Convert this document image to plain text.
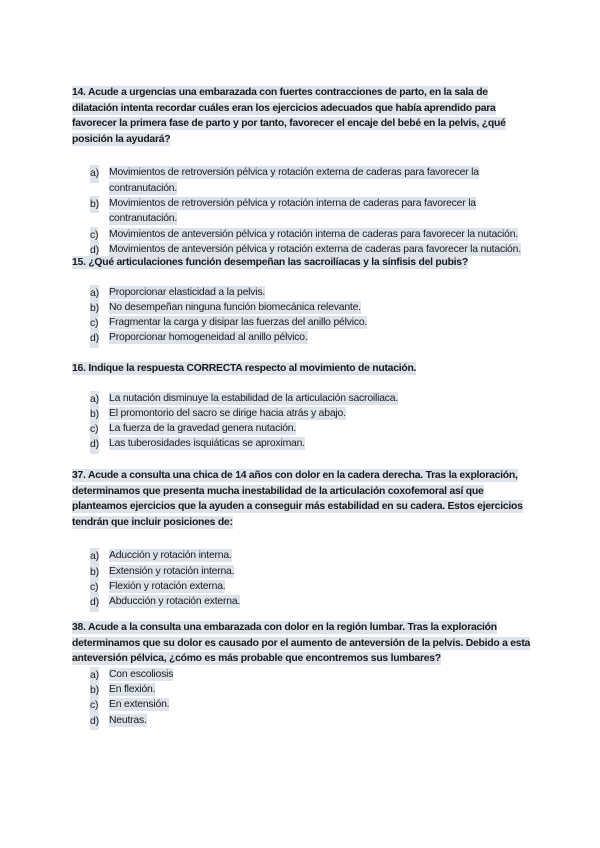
14. Acude a urgencias una embarazada con fuertes contracciones de parto, en la sala de dilatación intenta recordar cuáles eran los ejercicios adecuados que había aprendido para favorecer la primera fase de parto y por tanto, favorecer el encaje del bebé en la pelvis, ¿qué posición la ayudará?

a) Movimientos de retroversión pélvica y rotación externa de caderas para favorecer la contranutación.
b) Movimientos de retroversión pélvica y rotación interna de caderas para favorecer la contranutación.
c) Movimientos de anteversión pélvica y rotación interna de caderas para favorecer la nutación.
d) Movimientos de anteversión pélvica y rotación externa de caderas para favorecer la nutación.

15. ¿Qué articulaciones función desempeñan las sacroilíacas y la sínfisis del pubis?

a) Proporcionar elasticidad a la pelvis.
b) No desempeñan ninguna función biomecánica relevante.
c) Fragmentar la carga y disipar las fuerzas del anillo pélvico.
d) Proporcionar homogeneidad al anillo pélvico.

16. Indique la respuesta CORRECTA respecto al movimiento de nutación.

a) La nutación disminuye la estabilidad de la articulación sacroiliaca.
b) El promontorio del sacro se dirige hacia atrás y abajo.
c) La fuerza de la gravedad genera nutación.
d) Las tuberosidades isquiáticas se aproximan.

37. Acude a consulta una chica de 14 años con dolor en la cadera derecha. Tras la exploración, determinamos que presenta mucha inestabilidad de la articulación coxofemoral así que planteamos ejercicios que la ayuden a conseguir más estabilidad en su cadera. Estos ejercicios tendrán que incluir posiciones de:

a) Aducción y rotación interna.
b) Extensión y rotación interna.
c) Flexión y rotación externa.
d) Abducción y rotación externa.

38. Acude a la consulta una embarazada con dolor en la región lumbar. Tras la exploración determinamos que su dolor es causado por el aumento de anteversión de la pelvis. Debido a esta anteversión pélvica, ¿cómo es más probable que encontremos sus lumbares?

a) Con escoliosis
b) En flexión.
c) En extensión.
d) Neutras.
